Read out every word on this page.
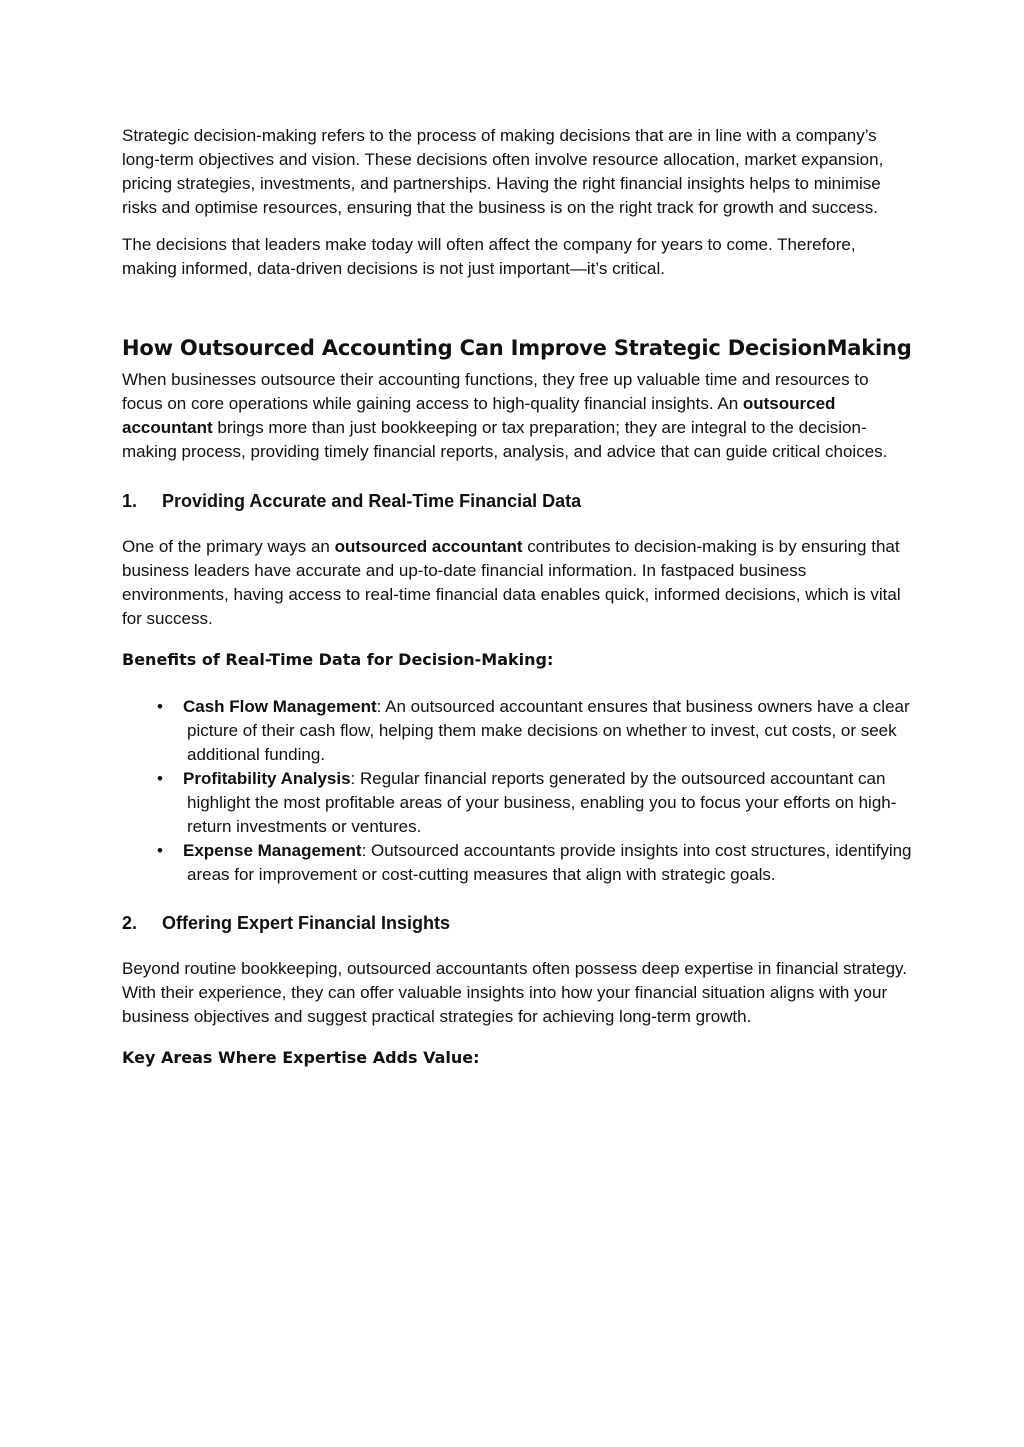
Strategic decision-making refers to the process of making decisions that are in line with a company’s long-term objectives and vision. These decisions often involve resource allocation, market expansion, pricing strategies, investments, and partnerships. Having the right financial insights helps to minimise risks and optimise resources, ensuring that the business is on the right track for growth and success.

The decisions that leaders make today will often affect the company for years to come. Therefore, making informed, data-driven decisions is not just important—it’s critical.

How Outsourced Accounting Can Improve Strategic DecisionMaking

When businesses outsource their accounting functions, they free up valuable time and resources to focus on core operations while gaining access to high-quality financial insights. An outsourced accountant brings more than just bookkeeping or tax preparation; they are integral to the decision-making process, providing timely financial reports, analysis, and advice that can guide critical choices.

1.	Providing Accurate and Real-Time Financial Data

One of the primary ways an outsourced accountant contributes to decision-making is by ensuring that business leaders have accurate and up-to-date financial information. In fastpaced business environments, having access to real-time financial data enables quick, informed decisions, which is vital for success.

Benefits of Real-Time Data for Decision-Making:
• Cash Flow Management: An outsourced accountant ensures that business owners have a clear picture of their cash flow, helping them make decisions on whether to invest, cut costs, or seek additional funding.
• Profitability Analysis: Regular financial reports generated by the outsourced accountant can highlight the most profitable areas of your business, enabling you to focus your efforts on high-return investments or ventures.
• Expense Management: Outsourced accountants provide insights into cost structures, identifying areas for improvement or cost-cutting measures that align with strategic goals.
2.	Offering Expert Financial Insights

Beyond routine bookkeeping, outsourced accountants often possess deep expertise in financial strategy. With their experience, they can offer valuable insights into how your financial situation aligns with your business objectives and suggest practical strategies for achieving long-term growth.

Key Areas Where Expertise Adds Value:
